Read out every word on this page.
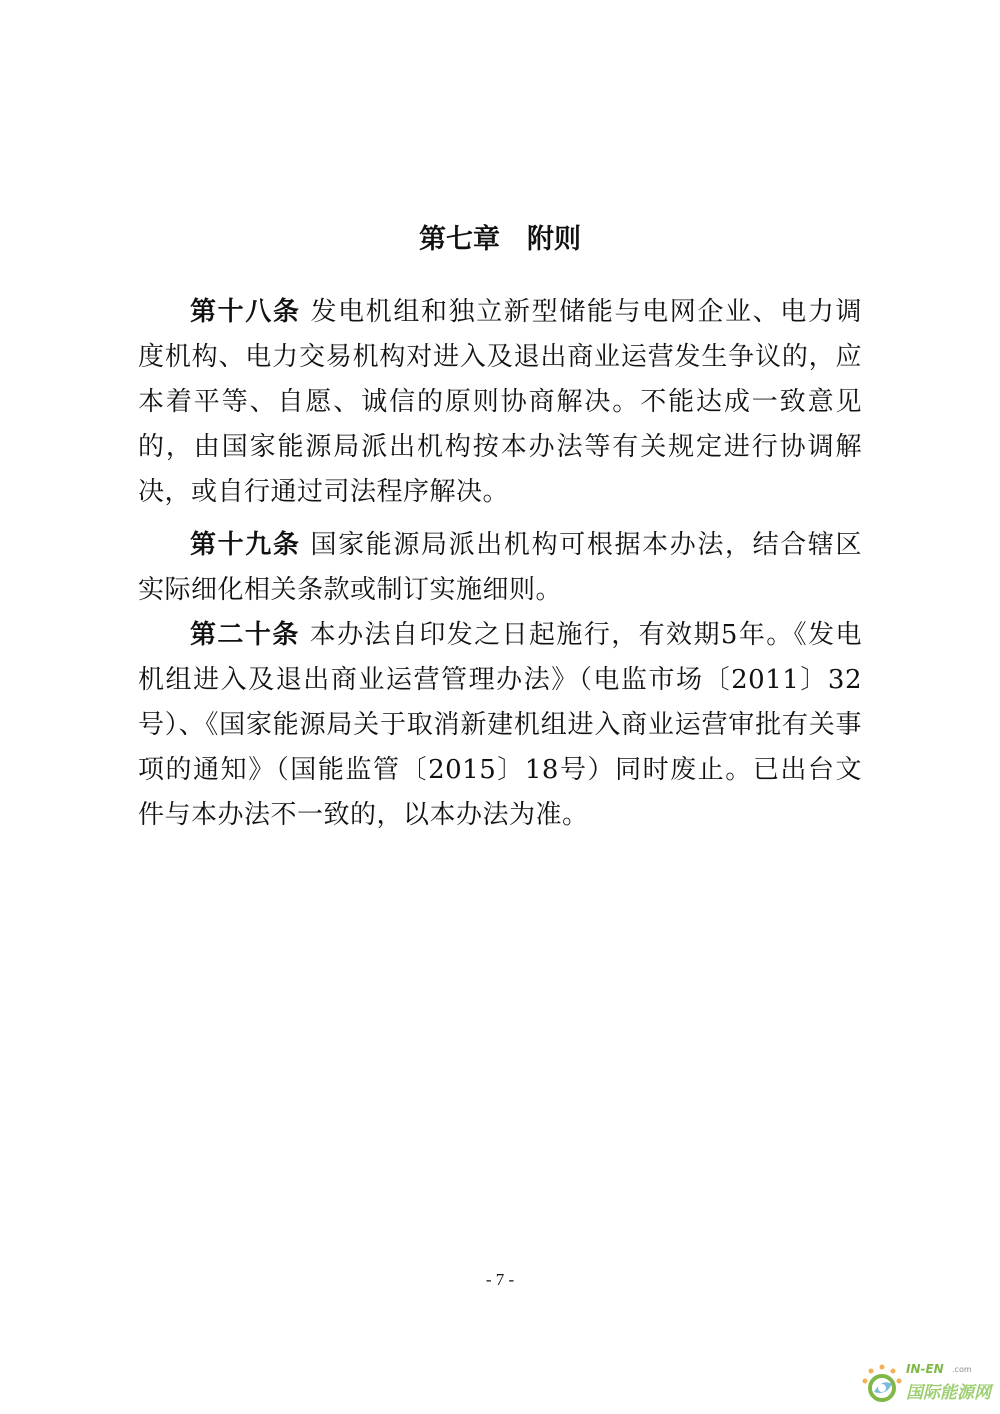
第七章　附则

第十八条 发电机组和独立新型储能与电网企业、电力调度机构、电力交易机构对进入及退出商业运营发生争议的，应本着平等、自愿、诚信的原则协商解决。不能达成一致意见的，由国家能源局派出机构按本办法等有关规定进行协调解决，或自行通过司法程序解决。

第十九条 国家能源局派出机构可根据本办法，结合辖区实际细化相关条款或制订实施细则。

第二十条 本办法自印发之日起施行，有效期5年。《发电机组进入及退出商业运营管理办法》（电监市场〔2011〕32号）、《国家能源局关于取消新建机组进入商业运营审批有关事项的通知》（国能监管〔2015〕18号）同时废止。已出台文件与本办法不一致的，以本办法为准。

- 7 -
IN-EN .com
国际能源网
